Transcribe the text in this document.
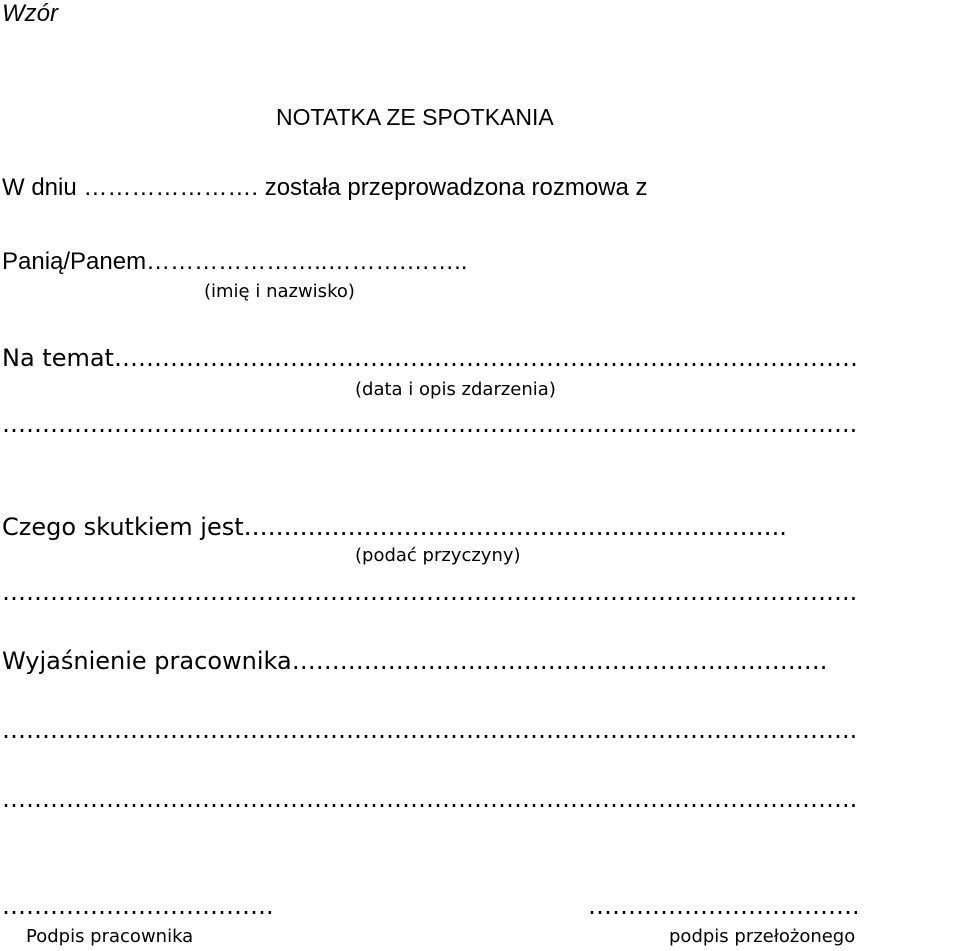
Wzór

NOTATKA ZE SPOTKANIA

W dniu …………………. została przeprowadzona rozmowa z

Panią/Panem…………………..……….……..

(imię i nazwisko)

Na temat…………………………………………………………………………………

(data i opis zdarzenia)

……………………………………………………………………………………………..

Czego skutkiem jest…………………………………………………………..

(podać przyczyny)

……………………………………………………………………………………………..

Wyjaśnienie pracownika………………………………………………………….

……………………………………………………………………………………………..

……………………………………………………………………………………………..

…………………………….

Podpis pracownika

…………………………….

podpis przełożonego
